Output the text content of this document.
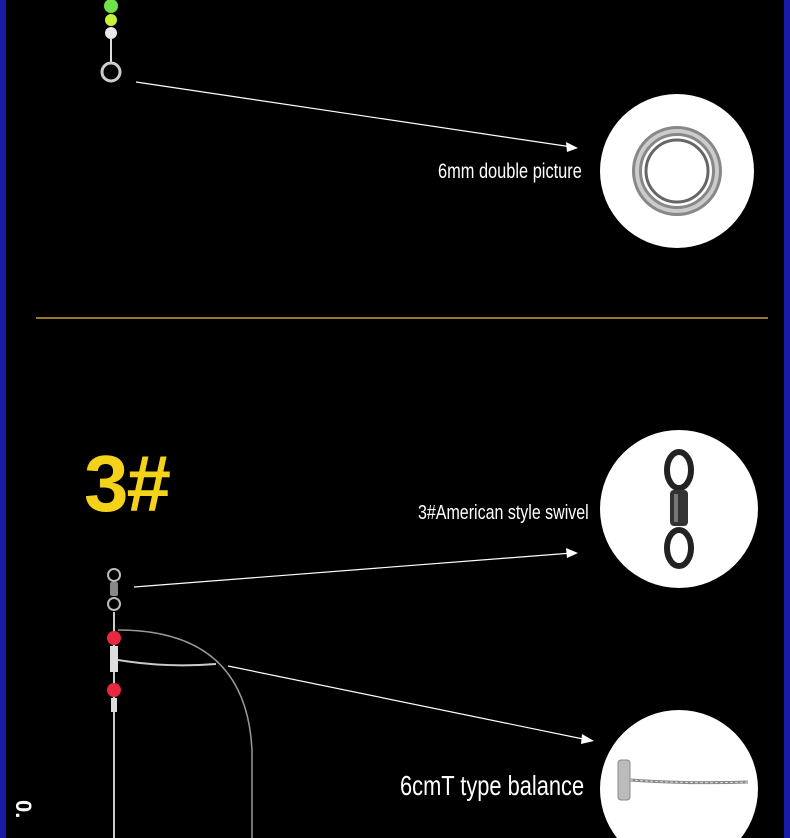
6mm double picture
3#	3#American style swivel
6cmT type balance
0.
